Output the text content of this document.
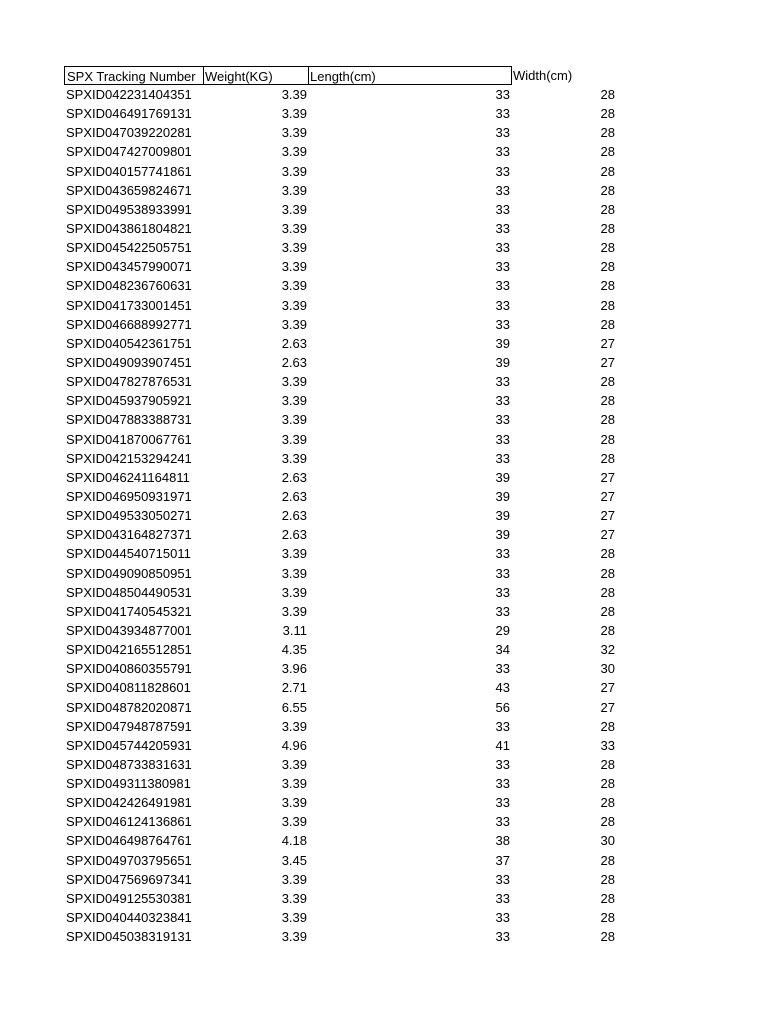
SPX Tracking Number Weight(KG)	Length(cm)	Width(cm)
SPXID042231404351	3.39	33	28
SPXID046491769131	3.39	33	28
SPXID047039220281	3.39	33	28
SPXID047427009801	3.39	33	28
SPXID040157741861	3.39	33	28
SPXID043659824671	3.39	33	28
SPXID049538933991	3.39	33	28
SPXID043861804821	3.39	33	28
SPXID045422505751	3.39	33	28
SPXID043457990071	3.39	33	28
SPXID048236760631	3.39	33	28
SPXID041733001451	3.39	33	28
SPXID046688992771	3.39	33	28
SPXID040542361751	2.63	39	27
SPXID049093907451	2.63	39	27
SPXID047827876531	3.39	33	28
SPXID045937905921	3.39	33	28
SPXID047883388731	3.39	33	28
SPXID041870067761	3.39	33	28
SPXID042153294241	3.39	33	28
SPXID046241164811	2.63	39	27
SPXID046950931971	2.63	39	27
SPXID049533050271	2.63	39	27
SPXID043164827371	2.63	39	27
SPXID044540715011	3.39	33	28
SPXID049090850951	3.39	33	28
SPXID048504490531	3.39	33	28
SPXID041740545321	3.39	33	28
SPXID043934877001	3.11	29	28
SPXID042165512851	4.35	34	32
SPXID040860355791	3.96	33	30
SPXID040811828601	2.71	43	27
SPXID048782020871	6.55	56	27
SPXID047948787591	3.39	33	28
SPXID045744205931	4.96	41	33
SPXID048733831631	3.39	33	28
SPXID049311380981	3.39	33	28
SPXID042426491981	3.39	33	28
SPXID046124136861	3.39	33	28
SPXID046498764761	4.18	38	30
SPXID049703795651	3.45	37	28
SPXID047569697341	3.39	33	28
SPXID049125530381	3.39	33	28
SPXID040440323841	3.39	33	28
SPXID045038319131	3.39	33	28
